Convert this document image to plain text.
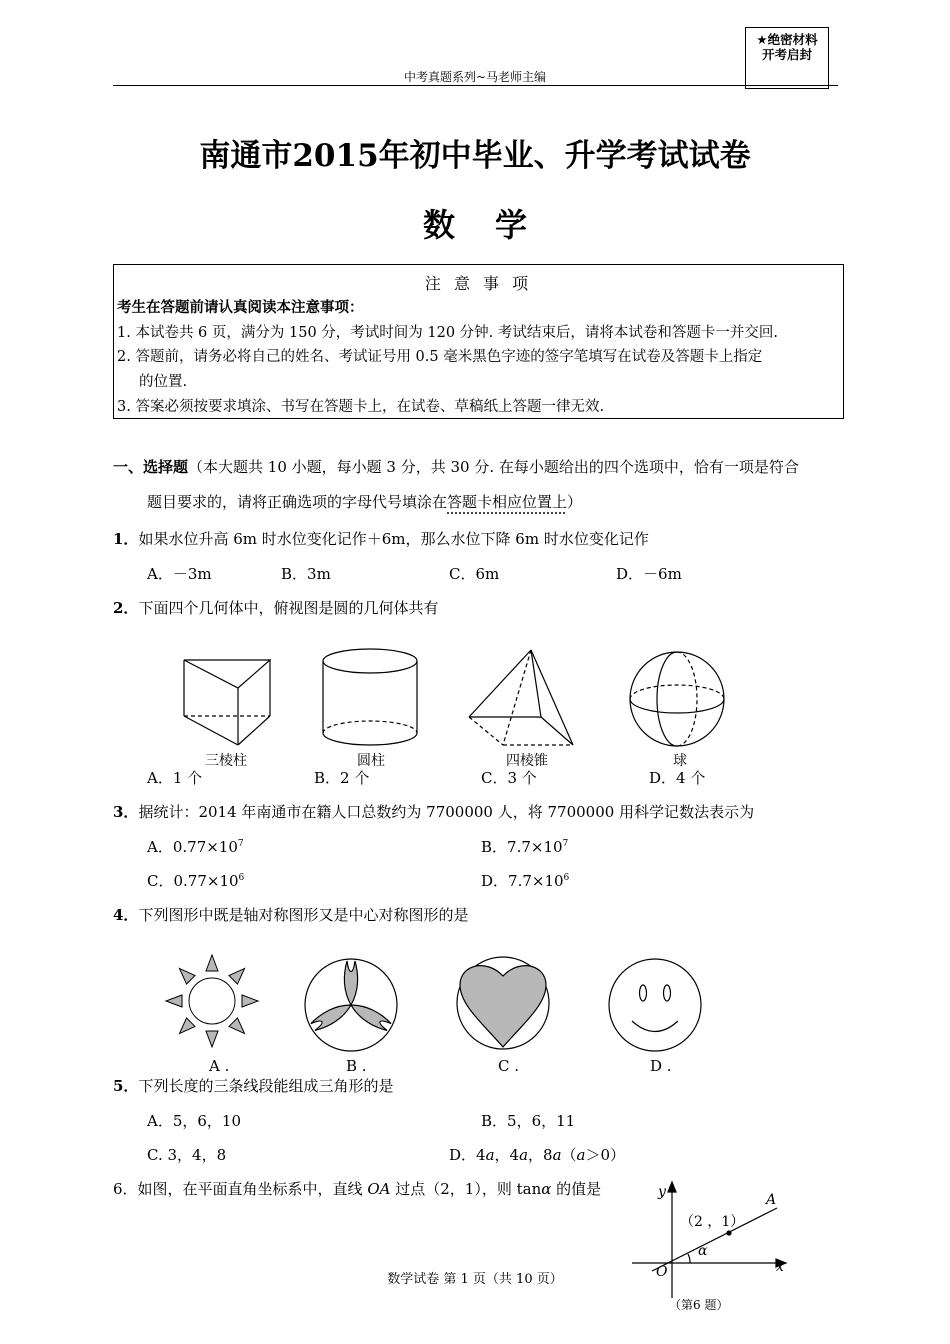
中考真题系列~马老师主编
★绝密材料
开考启封
南通市2015年初中毕业、升学考试试卷
数学
注 意 事 项
考生在答题前请认真阅读本注意事项：
1. 本试卷共 6 页，满分为 150 分，考试时间为 120 分钟. 考试结束后，请将本试卷和答题卡一并交回.
2. 答题前，请务必将自己的姓名、考试证号用 0.5 毫米黑色字迹的签字笔填写在试卷及答题卡上指定
的位置.
3. 答案必须按要求填涂、书写在答题卡上，在试卷、草稿纸上答题一律无效.
一、选择题（本大题共 10 小题，每小题 3 分，共 30 分. 在每小题给出的四个选项中，恰有一项是符合
题目要求的，请将正确选项的字母代号填涂在答题卡相应位置上）
1．如果水位升高 6m 时水位变化记作＋6m，那么水位下降 6m 时水位变化记作
A．－3m	B．3m	C．6m	D．－6m
2．下面四个几何体中，俯视图是圆的几何体共有
三棱柱	圆柱	四棱锥	球
A．1 个	B．2 个	C．3 个	D．4 个
3．据统计：2014 年南通市在籍人口总数约为 7700000 人，将 7700000 用科学记数法表示为
A．$0.77\times 10^7$	B．$7.7\times 10^7$
C．$0.77\times 10^6$	D．$7.7\times 10^6$
4．下列图形中既是轴对称图形又是中心对称图形的是
A .	B .	C .	D .
5．下列长度的三条线段能组成三角形的是
A．5，6，10	B．5，6，11
C. 3，4，8	D．4a，4a，8a（a＞0）
6．如图，在平面直角坐标系中，直线 OA 过点（2，1），则 tanα 的值是	y
x
O
A
（2 ，1）
α
（第6 题）
数学试卷 第 1 页（共 10 页）
